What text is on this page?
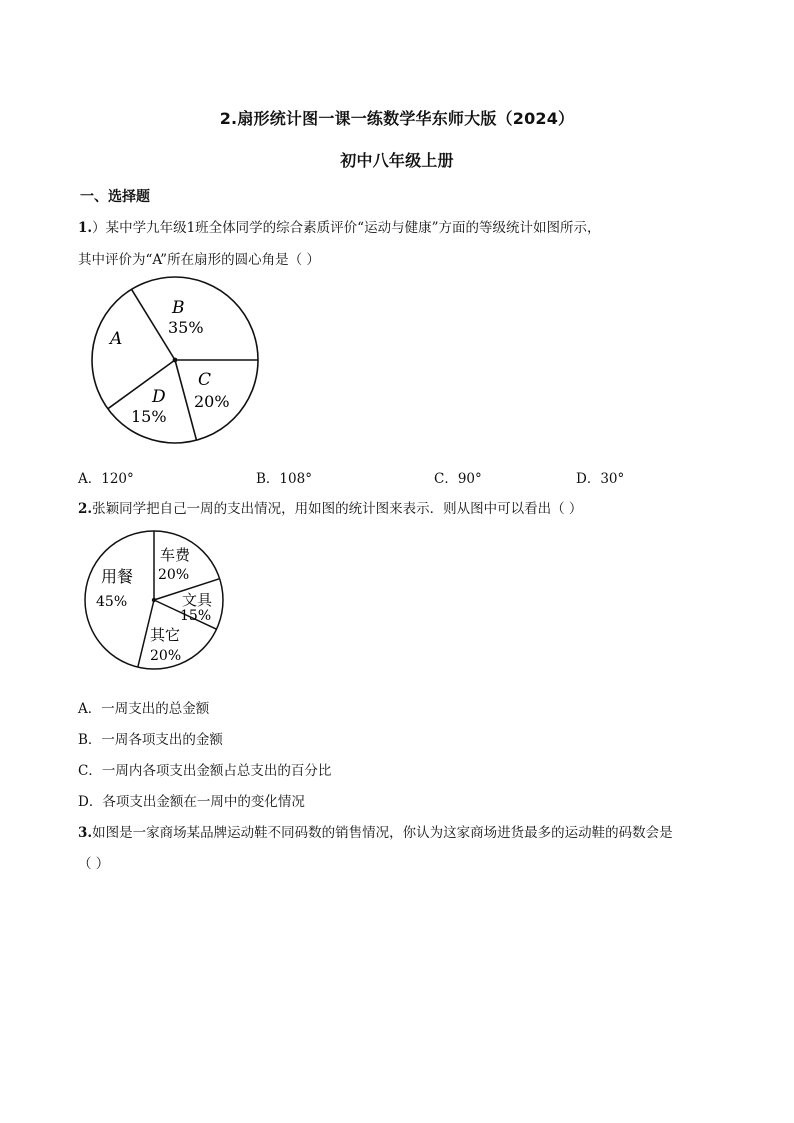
2.扇形统计图一课一练数学华东师大版（2024）
初中八年级上册
一、选择题
1.）某中学九年级1班全体同学的综合素质评价“运动与健康”方面的等级统计如图所示，
其中评价为“A”所在扇形的圆心角是（ ）
A
B
35%
C
20%
D
15%
A．120°	B．108°	C．90°	D．30°
2.张颖同学把自己一周的支出情况，用如图的统计图来表示．则从图中可以看出（ ）
车费
20%
文具
15%
其它
20%
用餐
45%
A．一周支出的总金额
B．一周各项支出的金额
C．一周内各项支出金额占总支出的百分比
D．各项支出金额在一周中的变化情况
3.如图是一家商场某品牌运动鞋不同码数的销售情况，你认为这家商场进货最多的运动鞋的码数会是
（ ）
